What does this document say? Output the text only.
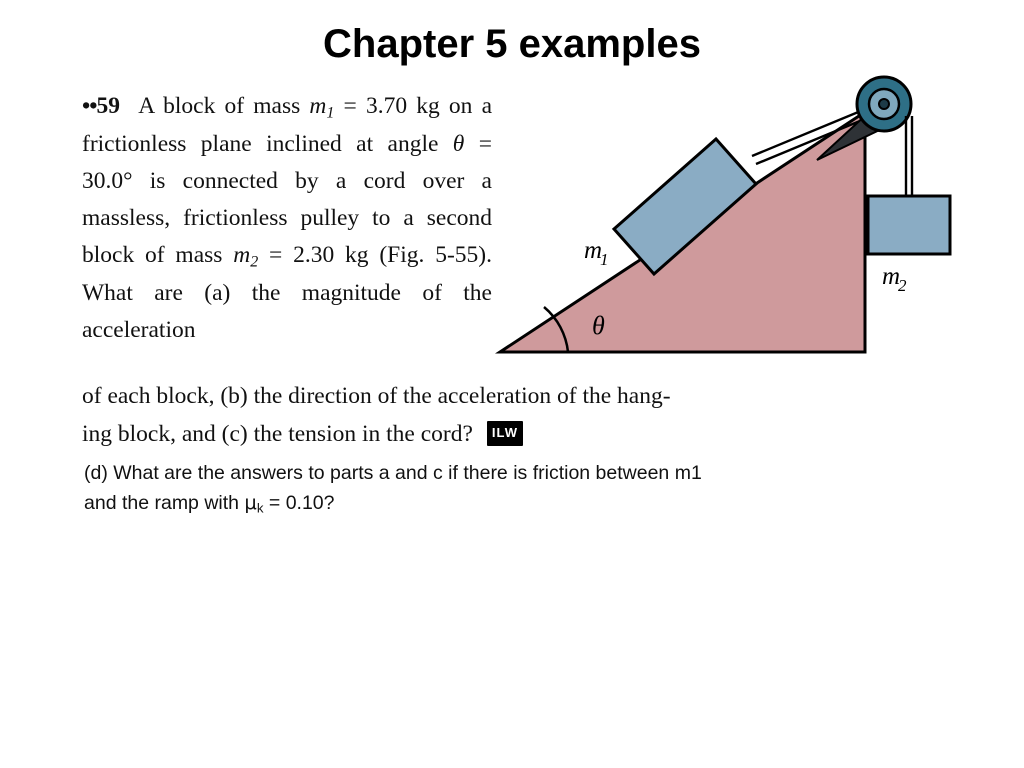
Chapter 5 examples
••59 A block of mass $m_1 = 3.70$ kg on a frictionless plane inclined at angle θ = 30.0° is connected by a cord over a massless, frictionless pulley to a second block of mass $m_2 = 2.30$ kg (Fig. 5-55). What are (a) the magnitude of the acceleration
of each block, (b) the direction of the acceleration of the hang-
ing block, and (c) the tension in the cord? ILW
(d) What are the answers to parts a and c if there is friction between m1
and the ramp with $\mu_k = 0.10$?
m
1
m
2
θ
